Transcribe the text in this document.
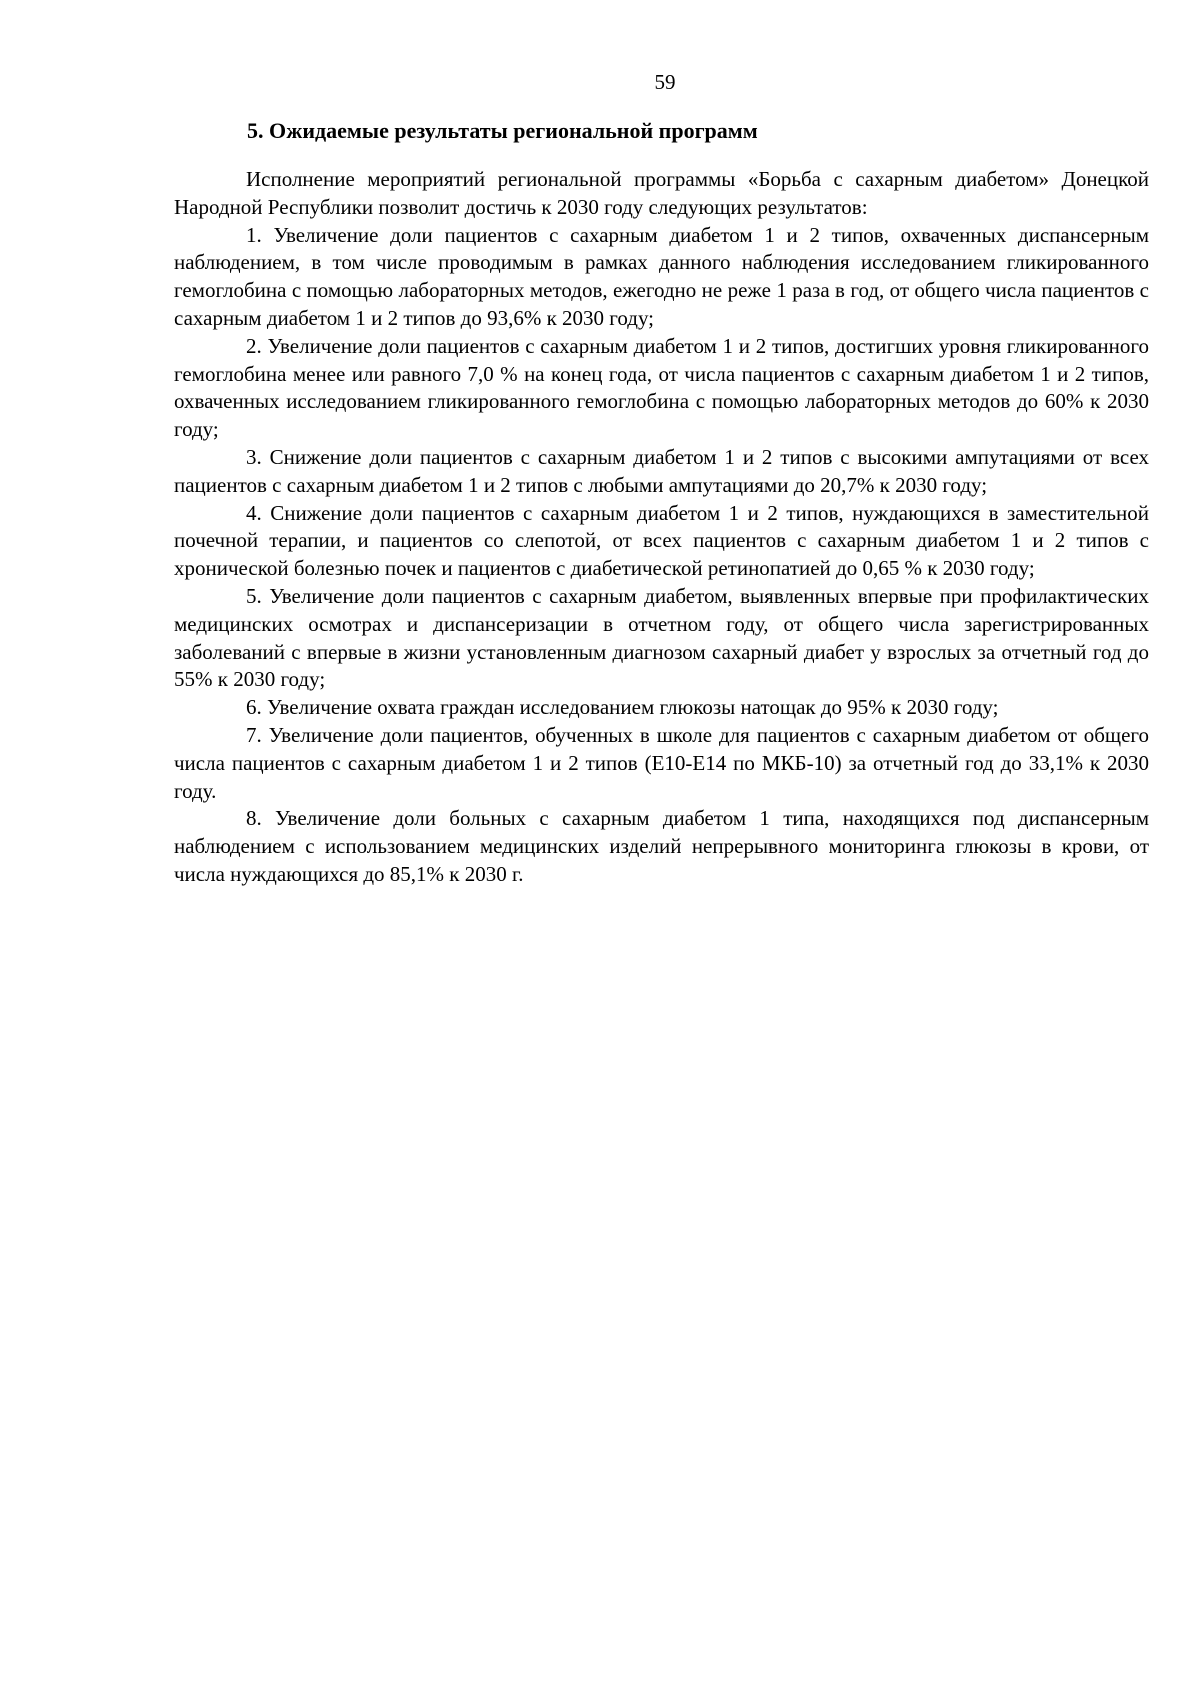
59
5. Ожидаемые результаты региональной программ

Исполнение мероприятий региональной программы «Борьба с сахарным диабетом» Донецкой Народной Республики позволит достичь к 2030 году следующих результатов:

1. Увеличение доли пациентов с сахарным диабетом 1 и 2 типов, охваченных диспансерным наблюдением, в том числе проводимым в рамках данного наблюдения исследованием гликированного гемоглобина с помощью лабораторных методов, ежегодно не реже 1 раза в год, от общего числа пациентов с сахарным диабетом 1 и 2 типов до 93,6% к 2030 году;

2. Увеличение доли пациентов с сахарным диабетом 1 и 2 типов, достигших уровня гликированного гемоглобина менее или равного 7,0 % на конец года, от числа пациентов с сахарным диабетом 1 и 2 типов, охваченных исследованием гликированного гемоглобина с помощью лабораторных методов до 60% к 2030 году;

3. Снижение доли пациентов с сахарным диабетом 1 и 2 типов с высокими ампутациями от всех пациентов с сахарным диабетом 1 и 2 типов с любыми ампутациями до 20,7% к 2030 году;

4. Снижение доли пациентов с сахарным диабетом 1 и 2 типов, нуждающихся в заместительной почечной терапии, и пациентов со слепотой, от всех пациентов с сахарным диабетом 1 и 2 типов с хронической болезнью почек и пациентов с диабетической ретинопатией до 0,65 % к 2030 году;

5. Увеличение доли пациентов с сахарным диабетом, выявленных впервые при профилактических медицинских осмотрах и диспансеризации в отчетном году, от общего числа зарегистрированных заболеваний с впервые в жизни установленным диагнозом сахарный диабет у взрослых за отчетный год до 55% к 2030 году;

6. Увеличение охвата граждан исследованием глюкозы натощак до 95% к 2030 году;

7. Увеличение доли пациентов, обученных в школе для пациентов с сахарным диабетом от общего числа пациентов с сахарным диабетом 1 и 2 типов (Е10-Е14 по МКБ-10) за отчетный год до 33,1% к 2030 году.

8. Увеличение доли больных с сахарным диабетом 1 типа, находящихся под диспансерным наблюдением с использованием медицинских изделий непрерывного мониторинга глюкозы в крови, от числа нуждающихся до 85,1% к 2030 г.
